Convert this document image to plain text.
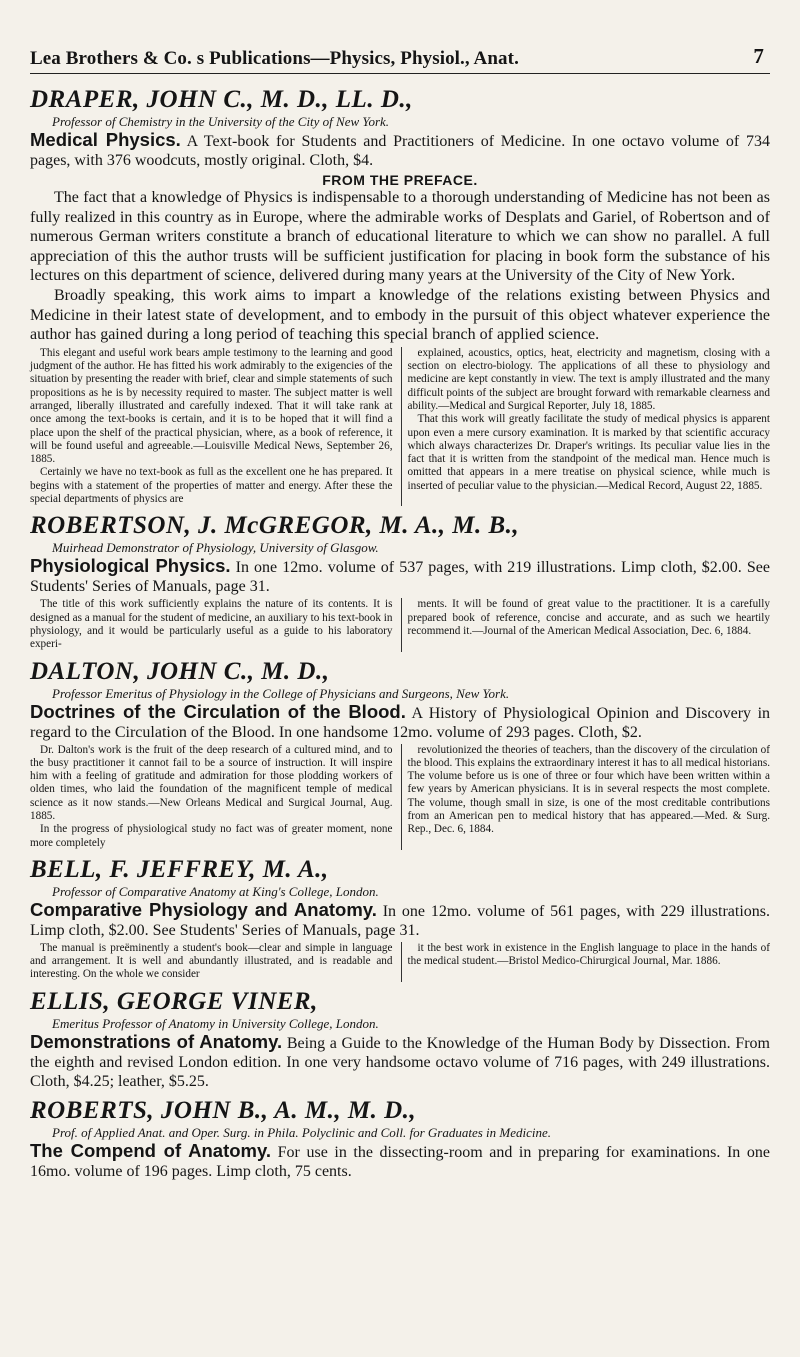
Lea Brothers & Co. s Publications—Physics, Physiol., Anat.	7

DRAPER, JOHN C., M. D., LL. D.,

Professor of Chemistry in the University of the City of New York.

Medical Physics. A Text-book for Students and Practitioners of Medicine. In one octavo volume of 734 pages, with 376 woodcuts, mostly original. Cloth, $4.

FROM THE PREFACE.

The fact that a knowledge of Physics is indispensable to a thorough understanding of Medicine has not been as fully realized in this country as in Europe, where the admirable works of Desplats and Gariel, of Robertson and of numerous German writers constitute a branch of educational literature to which we can show no parallel. A full appreciation of this the author trusts will be sufficient justification for placing in book form the substance of his lectures on this department of science, delivered during many years at the University of the City of New York.

Broadly speaking, this work aims to impart a knowledge of the relations existing between Physics and Medicine in their latest state of development, and to embody in the pursuit of this object whatever experience the author has gained during a long period of teaching this special branch of applied science.

This elegant and useful work bears ample testimony to the learning and good judgment of the author. He has fitted his work admirably to the exigencies of the situation by presenting the reader with brief, clear and simple statements of such propositions as he is by necessity required to master. The subject matter is well arranged, liberally illustrated and carefully indexed. That it will take rank at once among the text-books is certain, and it is to be hoped that it will find a place upon the shelf of the practical physician, where, as a book of reference, it will be found useful and agreeable.—Louisville Medical News, September 26, 1885.

Certainly we have no text-book as full as the excellent one he has prepared. It begins with a statement of the properties of matter and energy. After these the special departments of physics are

explained, acoustics, optics, heat, electricity and magnetism, closing with a section on electro-biology. The applications of all these to physiology and medicine are kept constantly in view. The text is amply illustrated and the many difficult points of the subject are brought forward with remarkable clearness and ability.—Medical and Surgical Reporter, July 18, 1885.

That this work will greatly facilitate the study of medical physics is apparent upon even a mere cursory examination. It is marked by that scientific accuracy which always characterizes Dr. Draper's writings. Its peculiar value lies in the fact that it is written from the standpoint of the medical man. Hence much is omitted that appears in a mere treatise on physical science, while much is inserted of peculiar value to the physician.—Medical Record, August 22, 1885.

ROBERTSON, J. McGREGOR, M. A., M. B.,

Muirhead Demonstrator of Physiology, University of Glasgow.

Physiological Physics. In one 12mo. volume of 537 pages, with 219 illustrations. Limp cloth, $2.00. See Students' Series of Manuals, page 31.

The title of this work sufficiently explains the nature of its contents. It is designed as a manual for the student of medicine, an auxiliary to his text-book in physiology, and it would be particularly useful as a guide to his laboratory experi-

ments. It will be found of great value to the practitioner. It is a carefully prepared book of reference, concise and accurate, and as such we heartily recommend it.—Journal of the American Medical Association, Dec. 6, 1884.

DALTON, JOHN C., M. D.,

Professor Emeritus of Physiology in the College of Physicians and Surgeons, New York.

Doctrines of the Circulation of the Blood. A History of Physiological Opinion and Discovery in regard to the Circulation of the Blood. In one handsome 12mo. volume of 293 pages. Cloth, $2.

Dr. Dalton's work is the fruit of the deep research of a cultured mind, and to the busy practitioner it cannot fail to be a source of instruction. It will inspire him with a feeling of gratitude and admiration for those plodding workers of olden times, who laid the foundation of the magnificent temple of medical science as it now stands.—New Orleans Medical and Surgical Journal, Aug. 1885.

In the progress of physiological study no fact was of greater moment, none more completely

revolutionized the theories of teachers, than the discovery of the circulation of the blood. This explains the extraordinary interest it has to all medical historians. The volume before us is one of three or four which have been written within a few years by American physicians. It is in several respects the most complete. The volume, though small in size, is one of the most creditable contributions from an American pen to medical history that has appeared.—Med. & Surg. Rep., Dec. 6, 1884.

BELL, F. JEFFREY, M. A.,

Professor of Comparative Anatomy at King's College, London.

Comparative Physiology and Anatomy. In one 12mo. volume of 561 pages, with 229 illustrations. Limp cloth, $2.00. See Students' Series of Manuals, page 31.

The manual is preëminently a student's book—clear and simple in language and arrangement. It is well and abundantly illustrated, and is readable and interesting. On the whole we consider

it the best work in existence in the English language to place in the hands of the medical student.—Bristol Medico-Chirurgical Journal, Mar. 1886.

ELLIS, GEORGE VINER,

Emeritus Professor of Anatomy in University College, London.

Demonstrations of Anatomy. Being a Guide to the Knowledge of the Human Body by Dissection. From the eighth and revised London edition. In one very handsome octavo volume of 716 pages, with 249 illustrations. Cloth, $4.25; leather, $5.25.

ROBERTS, JOHN B., A. M., M. D.,

Prof. of Applied Anat. and Oper. Surg. in Phila. Polyclinic and Coll. for Graduates in Medicine.

The Compend of Anatomy. For use in the dissecting-room and in preparing for examinations. In one 16mo. volume of 196 pages. Limp cloth, 75 cents.
